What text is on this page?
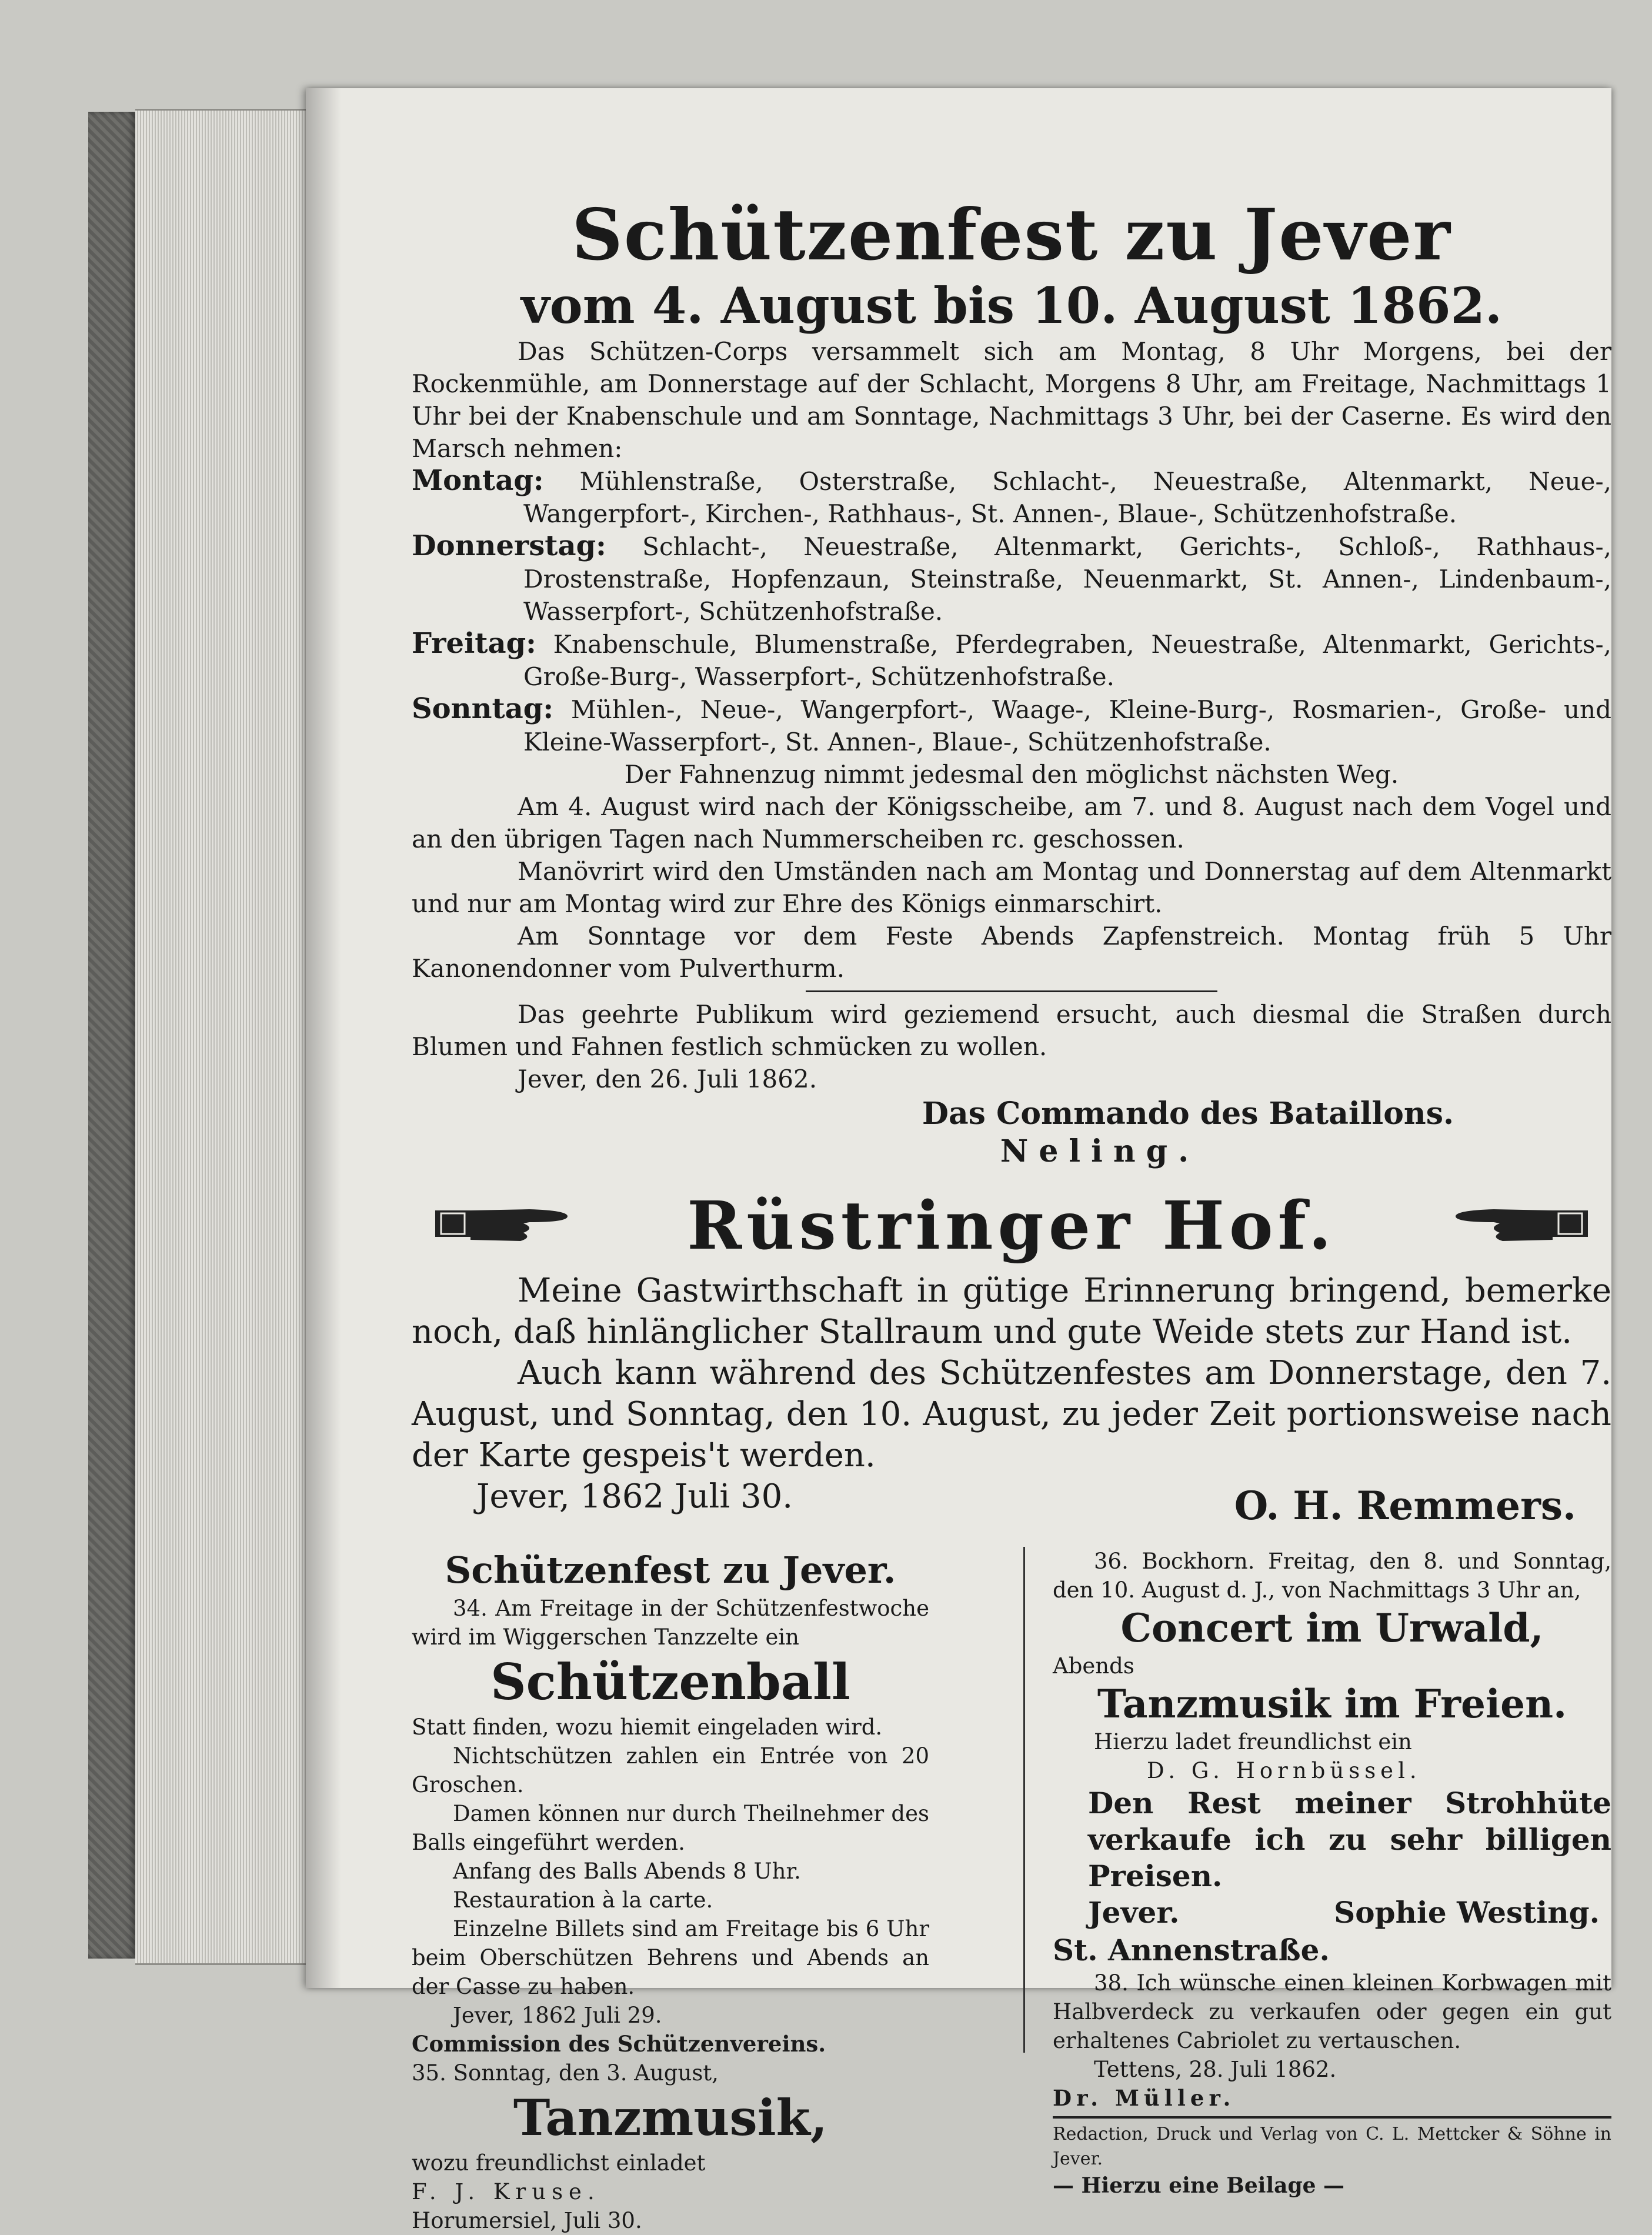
Schützenfest zu Jever
vom 4. August bis 10. August 1862.

Das Schützen-Corps versammelt sich am Montag, 8 Uhr Morgens, bei der Rockenmühle, am Donnerstage auf der Schlacht, Morgens 8 Uhr, am Freitage, Nachmittags 1 Uhr bei der Knabenschule und am Sonntage, Nachmittags 3 Uhr, bei der Caserne. Es wird den Marsch nehmen:

Montag: Mühlenstraße, Osterstraße, Schlacht-, Neuestraße, Altenmarkt, Neue-, Wangerpfort-, Kirchen-, Rathhaus-, St. Annen-, Blaue-, Schützenhofstraße.

Donnerstag: Schlacht-, Neuestraße, Altenmarkt, Gerichts-, Schloß-, Rathhaus-, Drostenstraße, Hopfenzaun, Steinstraße, Neuenmarkt, St. Annen-, Lindenbaum-, Wasserpfort-, Schützenhofstraße.

Freitag: Knabenschule, Blumenstraße, Pferdegraben, Neuestraße, Altenmarkt, Gerichts-, Große-Burg-, Wasserpfort-, Schützenhofstraße.

Sonntag: Mühlen-, Neue-, Wangerpfort-, Waage-, Kleine-Burg-, Rosmarien-, Große- und Kleine-Wasserpfort-, St. Annen-, Blaue-, Schützenhofstraße.

Der Fahnenzug nimmt jedesmal den möglichst nächsten Weg.

Am 4. August wird nach der Königsscheibe, am 7. und 8. August nach dem Vogel und an den übrigen Tagen nach Nummerscheiben rc. geschossen.

Manövrirt wird den Umständen nach am Montag und Donnerstag auf dem Altenmarkt und nur am Montag wird zur Ehre des Königs einmarschirt.

Am Sonntage vor dem Feste Abends Zapfenstreich. Montag früh 5 Uhr Kanonendonner vom Pulverthurm.

Das geehrte Publikum wird geziemend ersucht, auch diesmal die Straßen durch Blumen und Fahnen festlich schmücken zu wollen.

Jever, den 26. Juli 1862.

Das Commando des Bataillons.
Neling.
Rüstringer Hof.

Meine Gastwirthschaft in gütige Erinnerung bringend, bemerke noch, daß hinlänglicher Stallraum und gute Weide stets zur Hand ist.

Auch kann während des Schützenfestes am Donnerstage, den 7. August, und Sonntag, den 10. August, zu jeder Zeit portionsweise nach der Karte gespeis't werden.

Jever, 1862 Juli 30.	O. H. Remmers.
Schützenfest zu Jever.

34. Am Freitage in der Schützenfestwoche wird im Wiggerschen Tanzzelte ein

Schützenball

Statt finden, wozu hiemit eingeladen wird.

Nichtschützen zahlen ein Entrée von 20 Groschen.

Damen können nur durch Theilnehmer des Balls eingeführt werden.

Anfang des Balls Abends 8 Uhr.

Restauration à la carte.

Einzelne Billets sind am Freitage bis 6 Uhr beim Oberschützen Behrens und Abends an der Casse zu haben.

Jever, 1862 Juli 29.

Commission des Schützenvereins.

35. Sonntag, den 3. August,

Tanzmusik,

wozu freundlichst einladet

F. J. Kruse.

Horumersiel, Juli 30.

36. Bockhorn. Freitag, den 8. und Sonntag, den 10. August d. J., von Nachmittags 3 Uhr an,

Concert im Urwald,

Abends

Tanzmusik im Freien.

Hierzu ladet freundlichst ein

D. G. Hornbüssel.

Den Rest meiner Strohhüte verkaufe ich zu sehr billigen Preisen.

Jever.	Sophie Westing.

St. Annenstraße.

38. Ich wünsche einen kleinen Korbwagen mit Halbverdeck zu verkaufen oder gegen ein gut erhaltenes Cabriolet zu vertauschen.

Tettens, 28. Juli 1862.

Dr. Müller.

Redaction, Druck und Verlag von C. L. Mettcker & Söhne in Jever.

— Hierzu eine Beilage —
